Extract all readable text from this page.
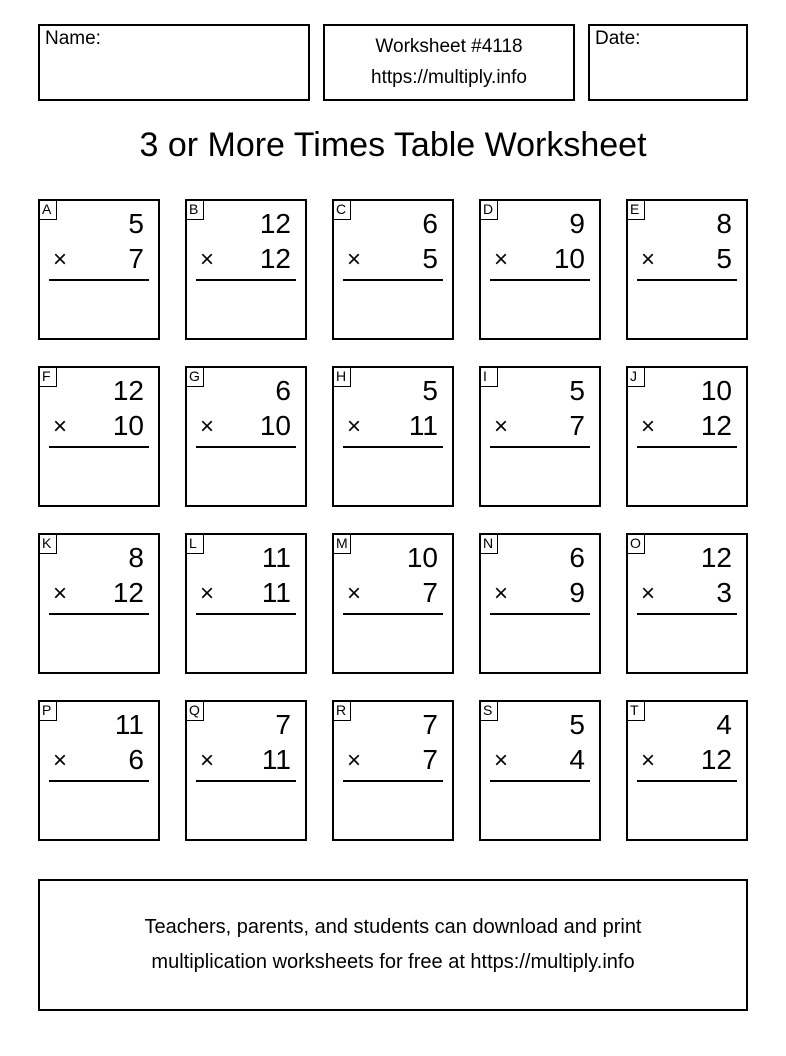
Name:	Worksheet #4118
https://multiply.info
Date:
3 or More Times Table Worksheet
A	5
× 7
B 12
× 12
C	6
× 5
D	9
× 10
E	8
× 5
F 12
× 10
G	6
× 10
H	5
× 11
I	5
× 7
J 10
× 12
K	8
× 12
L 11
× 11
M 10
× 7
N	6
× 9
O 12
× 3
P 11
× 6
Q	7
× 11
R	7
× 7
S	5
× 4
T	4
× 12
Teachers, parents, and students can download and print
multiplication worksheets for free at https://multiply.info
